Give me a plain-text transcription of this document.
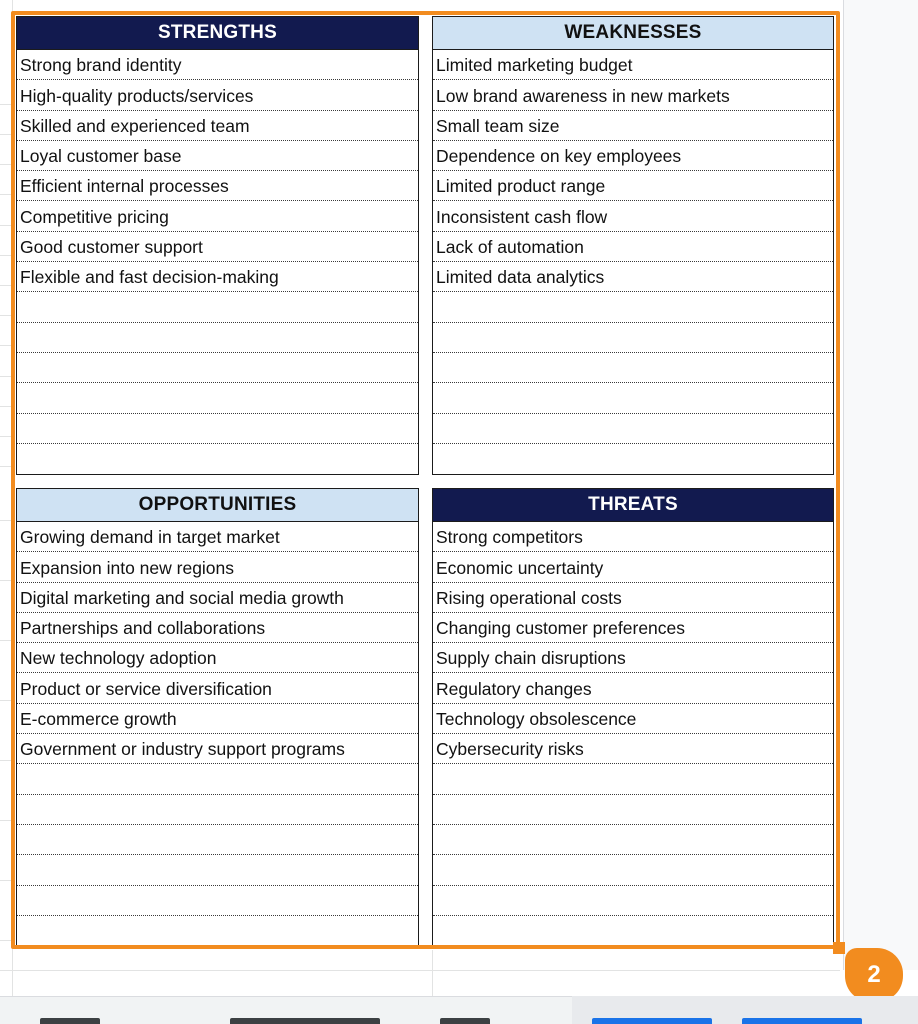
STRENGTHS
Strong brand identity
High-quality products/services
Skilled and experienced team
Loyal customer base
Efficient internal processes
Competitive pricing
Good customer support
Flexible and fast decision-making
WEAKNESSES
Limited marketing budget
Low brand awareness in new markets
Small team size
Dependence on key employees
Limited product range
Inconsistent cash flow
Lack of automation
Limited data analytics
OPPORTUNITIES
Growing demand in target market
Expansion into new regions
Digital marketing and social media growth
Partnerships and collaborations
New technology adoption
Product or service diversification
E-commerce growth
Government or industry support programs
THREATS
Strong competitors
Economic uncertainty
Rising operational costs
Changing customer preferences
Supply chain disruptions
Regulatory changes
Technology obsolescence
Cybersecurity risks
2
